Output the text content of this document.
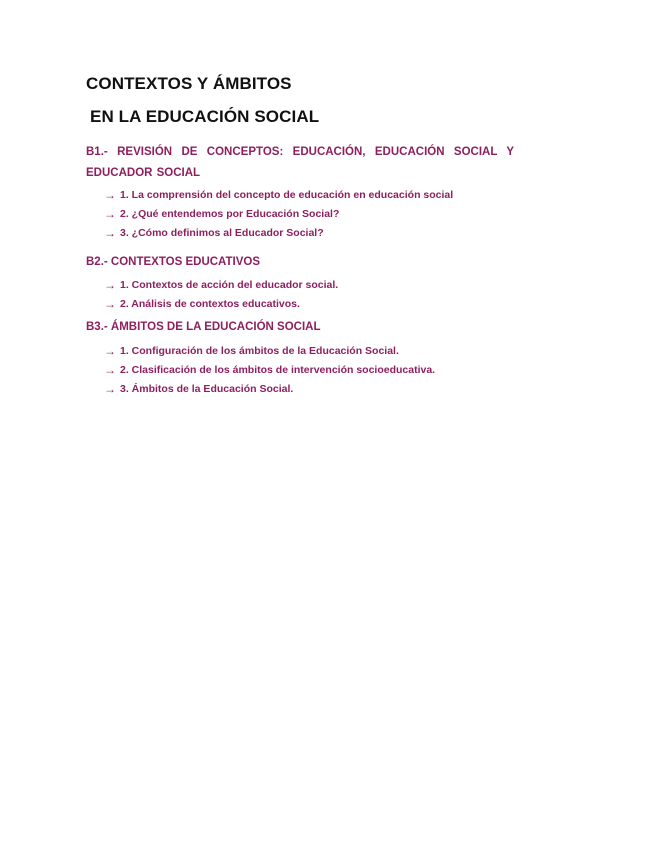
CONTEXTOS Y ÁMBITOS
EN LA EDUCACIÓN SOCIAL
B1.- REVISIÓN DE CONCEPTOS: EDUCACIÓN, EDUCACIÓN SOCIAL Y EDUCADOR SOCIAL
→ 1. La comprensión del concepto de educación en educación social
→ 2. ¿Qué entendemos por Educación Social?
→ 3. ¿Cómo definimos al Educador Social?
B2.- CONTEXTOS EDUCATIVOS
→ 1. Contextos de acción del educador social.
→ 2. Análisis de contextos educativos.
B3.- ÁMBITOS DE LA EDUCACIÓN SOCIAL
→ 1. Configuración de los ámbitos de la Educación Social.
→ 2. Clasificación de los ámbitos de intervención socioeducativa.
→ 3. Ámbitos de la Educación Social.
